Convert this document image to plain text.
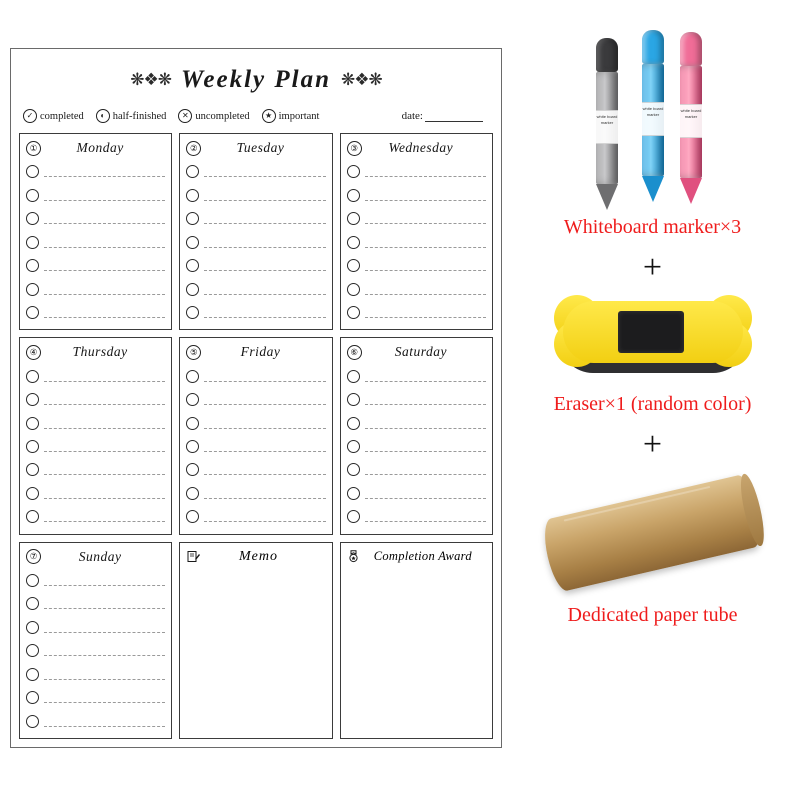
❋❖❋ Weekly Plan ❋❖❋
✓ completed	◐ half-finished	✕ uncompleted	★ important	date:
①	Monday	②	Tuesday	③	Wednesday
④	Thursday	⑤	Friday	⑥	Saturday
⑦	Sunday	Memo	Completion Award
white board marker
white board marker
white board marker
Whiteboard marker×3
+
Eraser×1 (random color)
+
Dedicated paper tube
